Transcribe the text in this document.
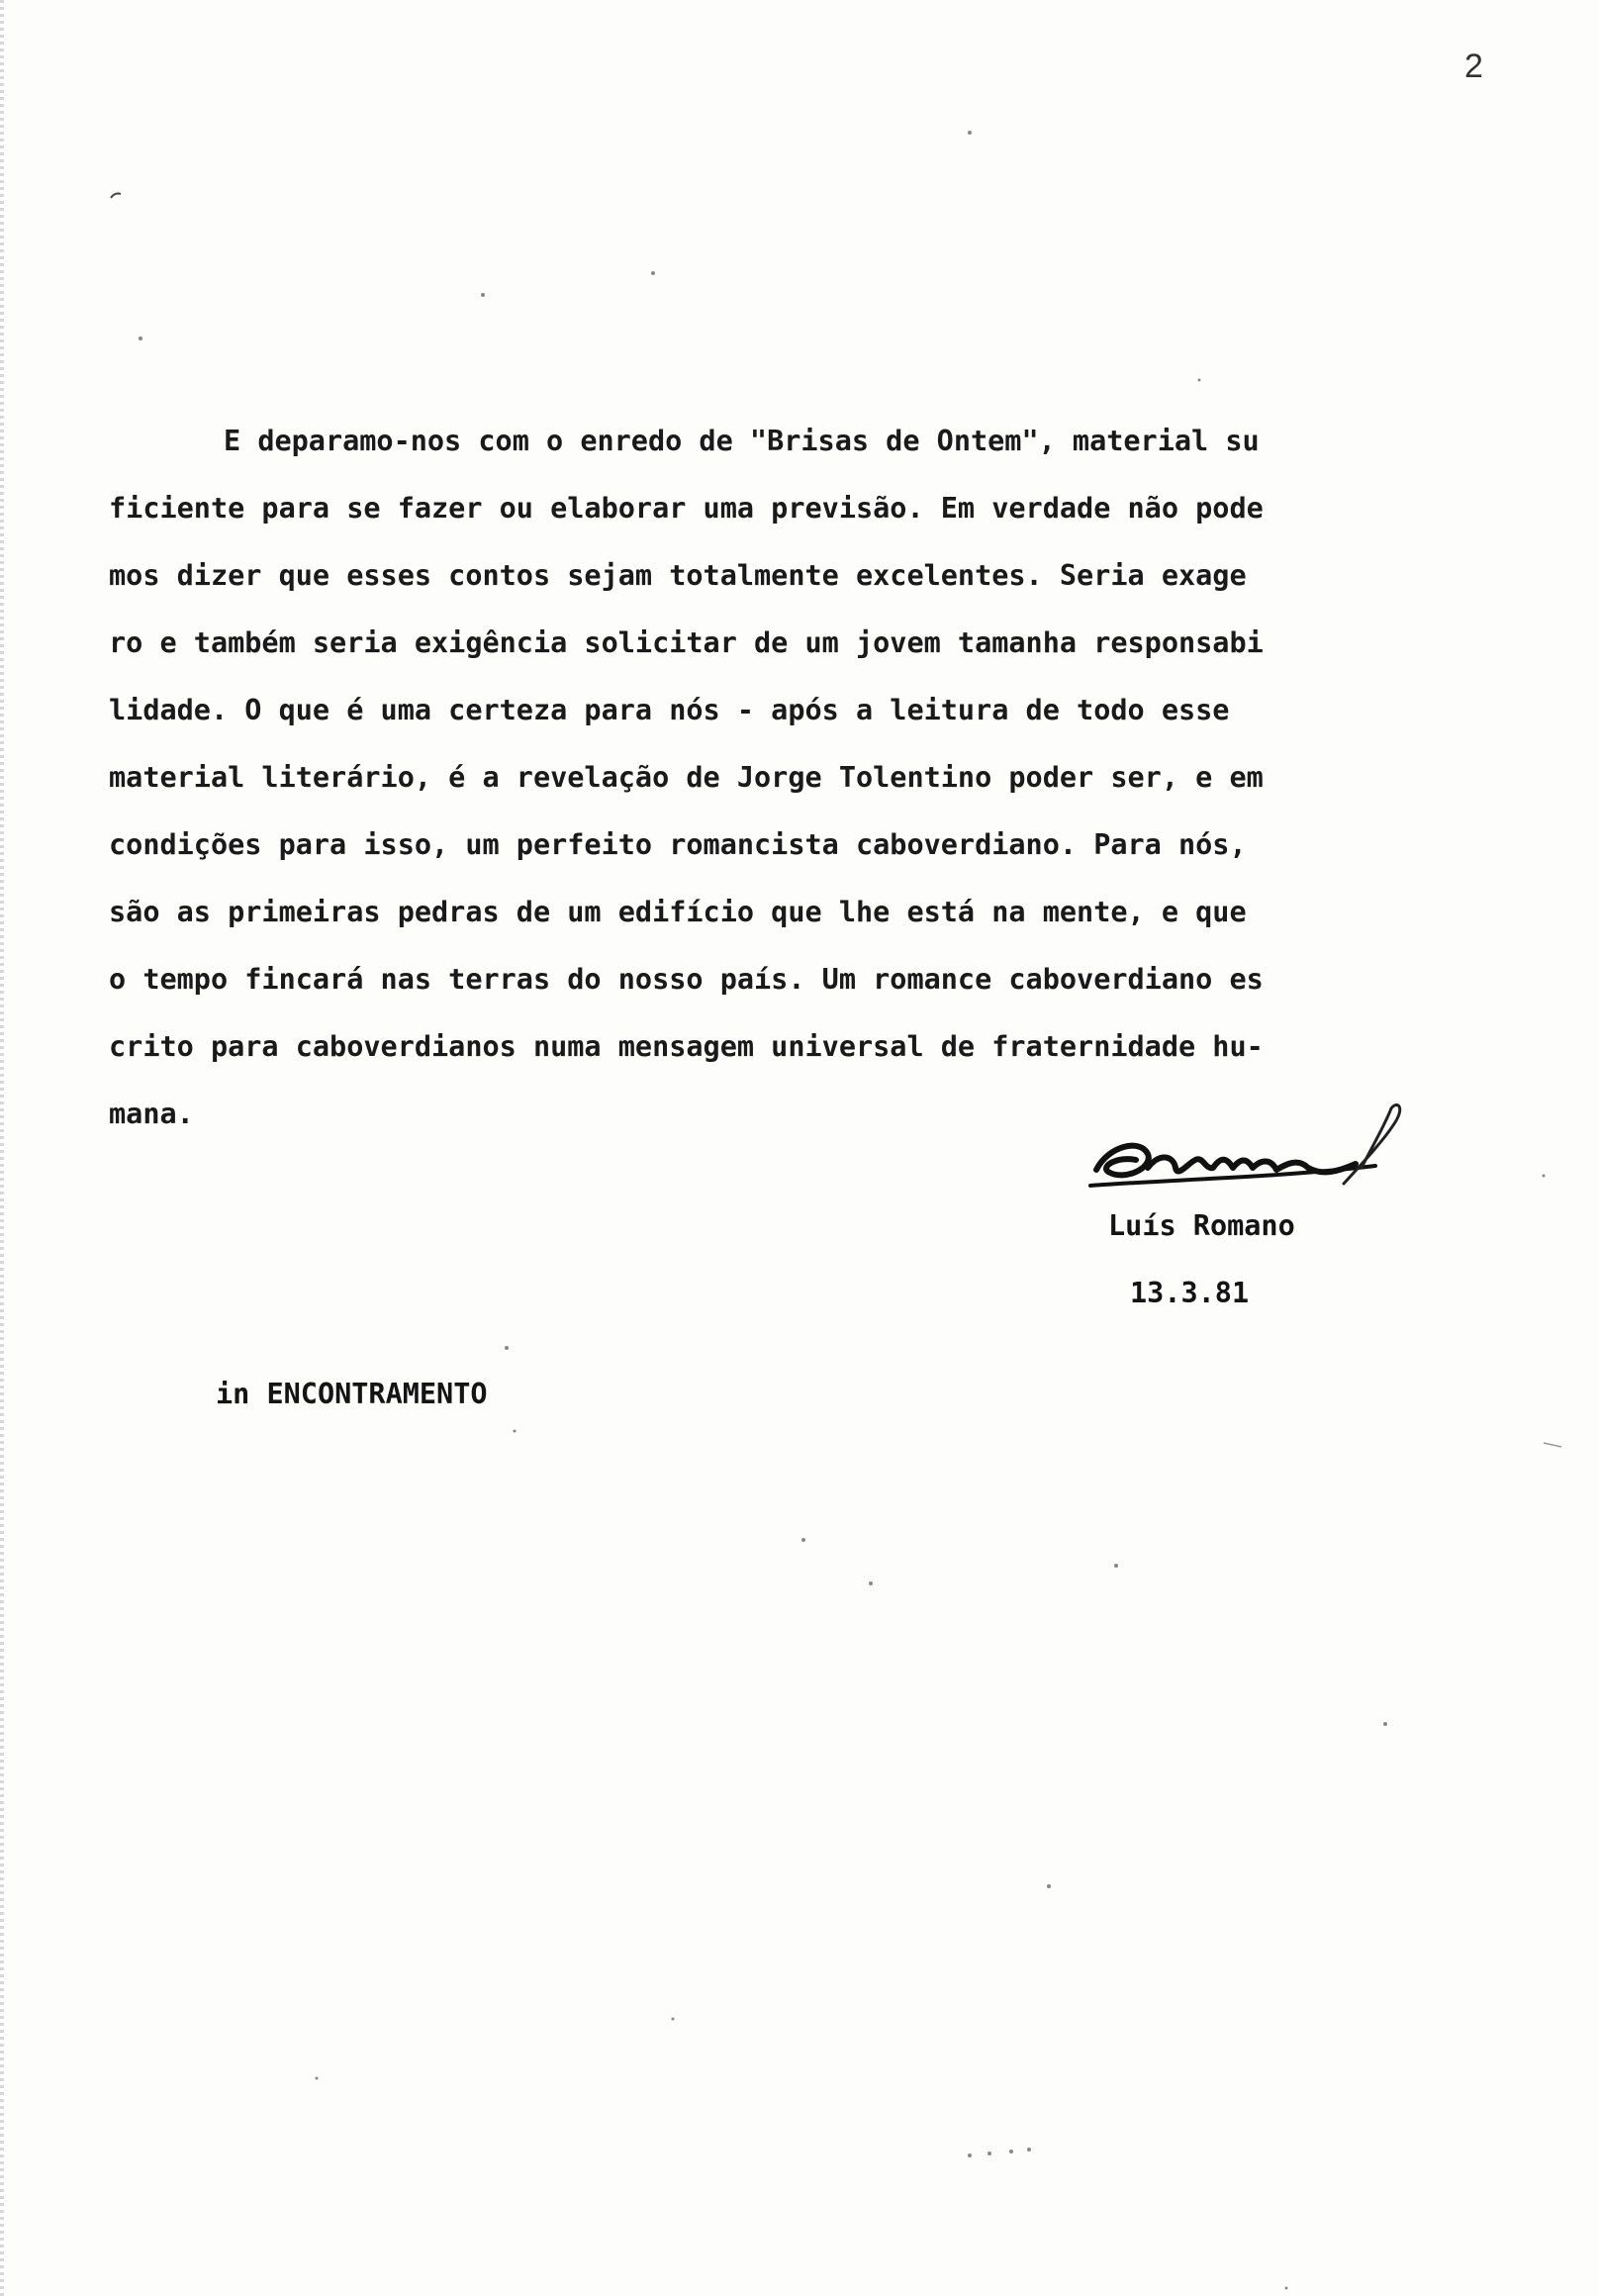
2
E deparamo-nos com o enredo de "Brisas de Ontem", material su
ficiente para se fazer ou elaborar uma previsão. Em verdade não pode
mos dizer que esses contos sejam totalmente excelentes. Seria exage
ro e também seria exigência solicitar de um jovem tamanha responsabi
lidade. O que é uma certeza para nós - após a leitura de todo esse
material literário, é a revelação de Jorge Tolentino poder ser, e em
condições para isso, um perfeito romancista caboverdiano. Para nós,
são as primeiras pedras de um edifício que lhe está na mente, e que
o tempo fincará nas terras do nosso país. Um romance caboverdiano es
crito para caboverdianos numa mensagem universal de fraternidade hu-
mana.
Luís Romano
13.3.81
in ENCONTRAMENTO
